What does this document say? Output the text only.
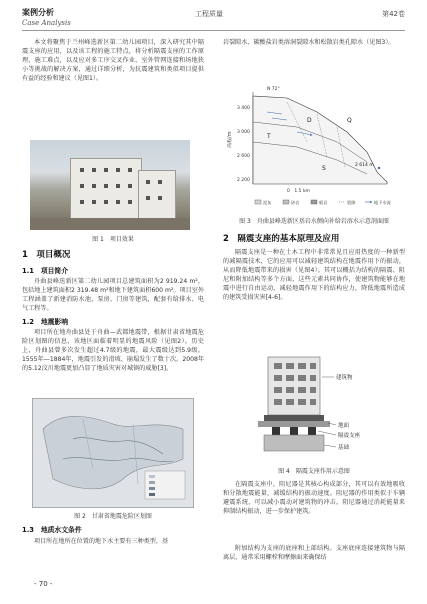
案例分析
Case Analysis
工程质量	第42卷

本文将聚焦于兰州峰选新区第二幼儿园项目，深入研究其中隔震支座的应用，以及该工程的施工特点，将分析隔震支座的工作原理、施工难点，以及应对多工序交叉作业、室外管网连接和场地狭小等挑战的解决方案，通过详细分析，为抗震建筑和类似项目提供有益的经验和建议（见图1）。

图 1　项目效果

1　项目概况

1.1　项目简介

舟曲县峰迭新区第二幼儿园项目总建筑面积为2 919.24 m²，包括地上建筑面积2 319.48 m²和地下建筑面积600 m²。项目室外工程涵盖了新建消防水池、泵房、门房等建筑，配套有给排水、电气工程等。

1.2　地震影响

项目所在地舟曲县处于舟曲—武都地震带，根据甘肃省地震危险区划图的信息，该地区面临着明显的地震风险（见图2）。历史上，舟曲县曾多次发生超过4.7级的地震，最大震级达到5.9级。1555年—1884年，地震引发的滑坡、崩塌发生了数十次。2008年的5.12汶川地震更加凸显了地质灾害对城镇的威胁[3]。

图 2　甘肃省地震危险区划图

1.3　地质水文条件

项目所在地所在位置的地下水主要有三种类型，基

- 70 -

岩裂隙水、碳酸盐岩类溶洞裂隙水和松散岩类孔隙水（见图3）。

高程/m
3 400
3 000
2 600
2 200
N 72°
T
D	Q
S	2 614 m
0　1.5 km
泥灰	砂岩	板岩	裂隙	地下水流

图 3　舟曲县峰迭新区基岩水侧向补给岩溶水示意剖面图

2　隔震支座的基本原理及应用

隔震支座是一种在土木工程中非常常见且应用热度的一种新型的减隔震技术，它的应用可以减轻建筑结构在地震作用下的振动，从而降低地震带来的损害（见图4）。其可以概括为结构的隔震、阻尼和附加结构等多个方面，这些元素共同协作，使建筑物能够在地震中进行自由运动，减轻地震作用下的结构应力，降低地震所造成的建筑受损灾害[4-6]。

建筑物
地面
隔震支座
基础

图 4　隔震支座作用示意图

在隔震支座中，阻尼器是其核心构成部分，其可以有效地吸收和分散地震能量，减缓结构的振动速度。阻尼器的作用类似于车辆避震系统，可以减小震动对建筑物的冲击。阻尼器通过消耗能量来抑制结构振动，进一步保护建筑。

附加结构为支座的底座和上部结构。支座底座连接建筑物与隔离层，通常采用螺栓和摩擦面来确保结
